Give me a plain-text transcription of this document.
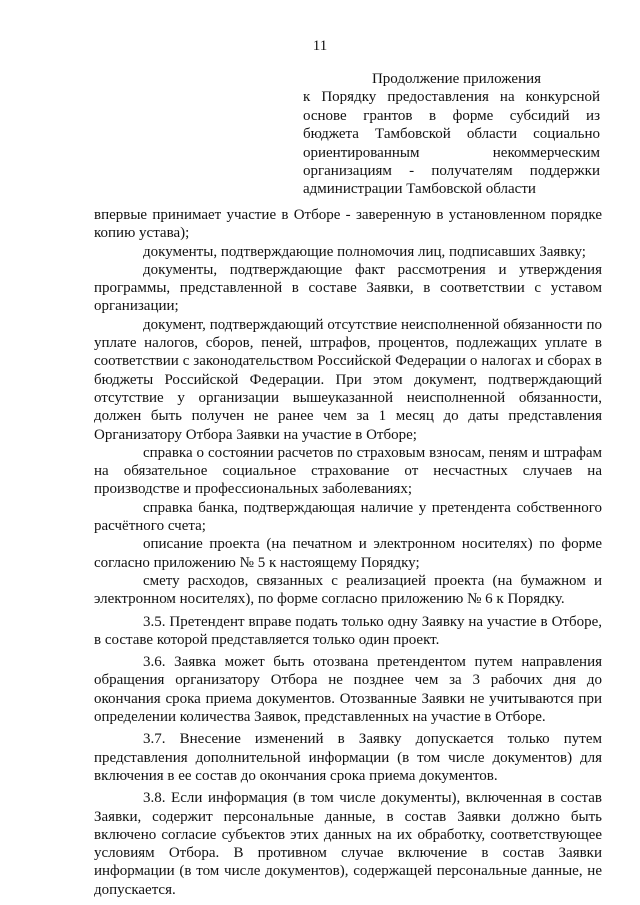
11
Продолжение приложения
к Порядку предоставления на конкурсной
основе грантов в форме субсидий из
бюджета Тамбовской области социально
ориентированным некоммерческим
организациям - получателям поддержки
администрации Тамбовской области

впервые принимает участие в Отборе - заверенную в установленном порядке копию устава);

документы, подтверждающие полномочия лиц, подписавших Заявку;

документы, подтверждающие факт рассмотрения и утверждения программы, представленной в составе Заявки, в соответствии с уставом организации;

документ, подтверждающий отсутствие неисполненной обязанности по уплате налогов, сборов, пеней, штрафов, процентов, подлежащих уплате в соответствии с законодательством Российской Федерации о налогах и сборах в бюджеты Российской Федерации. При этом документ, подтверждающий отсутствие у организации вышеуказанной неисполненной обязанности, должен быть получен не ранее чем за 1 месяц до даты представления Организатору Отбора Заявки на участие в Отборе;

справка о состоянии расчетов по страховым взносам, пеням и штрафам на обязательное социальное страхование от несчастных случаев на производстве и профессиональных заболеваниях;

справка банка, подтверждающая наличие у претендента собственного расчётного счета;

описание проекта (на печатном и электронном носителях) по форме согласно приложению № 5 к настоящему Порядку;

смету расходов, связанных с реализацией проекта (на бумажном и электронном носителях), по форме согласно приложению № 6 к Порядку.

3.5. Претендент вправе подать только одну Заявку на участие в Отборе, в составе которой представляется только один проект.

3.6. Заявка может быть отозвана претендентом путем направления обращения организатору Отбора не позднее чем за 3 рабочих дня до окончания срока приема документов. Отозванные Заявки не учитываются при определении количества Заявок, представленных на участие в Отборе.

3.7. Внесение изменений в Заявку допускается только путем представления дополнительной информации (в том числе документов) для включения в ее состав до окончания срока приема документов.

3.8. Если информация (в том числе документы), включенная в состав Заявки, содержит персональные данные, в состав Заявки должно быть включено согласие субъектов этих данных на их обработку, соответствующее условиям Отбора. В противном случае включение в состав Заявки информации (в том числе документов), содержащей персональные данные, не допускается.
